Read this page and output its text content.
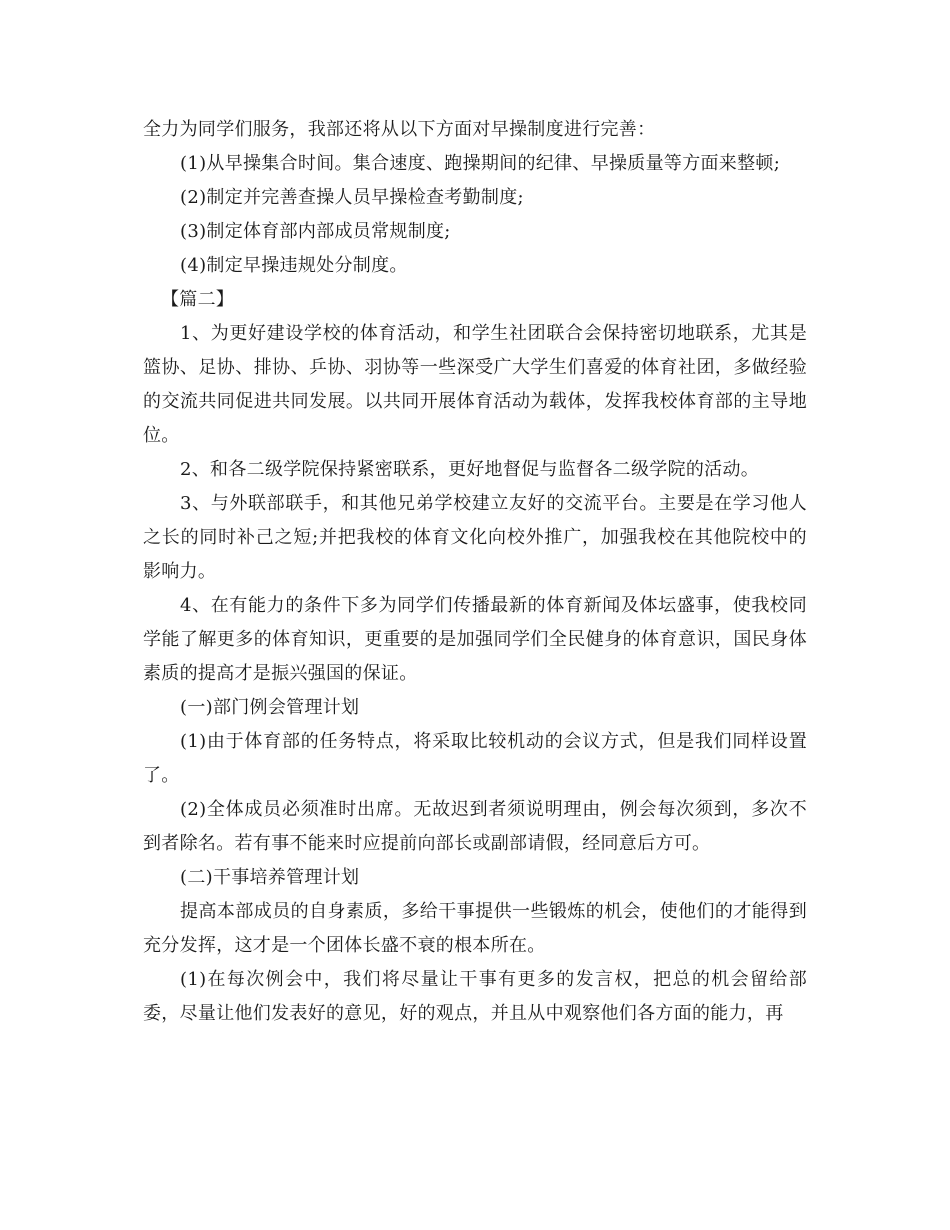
全力为同学们服务，我部还将从以下方面对早操制度进行完善：

(1)从早操集合时间。集合速度、跑操期间的纪律、早操质量等方面来整顿;

(2)制定并完善查操人员早操检查考勤制度;

(3)制定体育部内部成员常规制度;

(4)制定早操违规处分制度。

【篇二】

1、为更好建设学校的体育活动，和学生社团联合会保持密切地联系，尤其是篮协、足协、排协、乒协、羽协等一些深受广大学生们喜爱的体育社团，多做经验的交流共同促进共同发展。以共同开展体育活动为载体，发挥我校体育部的主导地位。

2、和各二级学院保持紧密联系，更好地督促与监督各二级学院的活动。

3、与外联部联手，和其他兄弟学校建立友好的交流平台。主要是在学习他人之长的同时补己之短;并把我校的体育文化向校外推广，加强我校在其他院校中的影响力。

4、在有能力的条件下多为同学们传播最新的体育新闻及体坛盛事，使我校同学能了解更多的体育知识，更重要的是加强同学们全民健身的体育意识，国民身体素质的提高才是振兴强国的保证。

(一)部门例会管理计划

(1)由于体育部的任务特点，将采取比较机动的会议方式，但是我们同样设置了。

(2)全体成员必须准时出席。无故迟到者须说明理由，例会每次须到，多次不到者除名。若有事不能来时应提前向部长或副部请假，经同意后方可。

(二)干事培养管理计划

提高本部成员的自身素质，多给干事提供一些锻炼的机会，使他们的才能得到充分发挥，这才是一个团体长盛不衰的根本所在。

(1)在每次例会中，我们将尽量让干事有更多的发言权，把总的机会留给部委，尽量让他们发表好的意见，好的观点，并且从中观察他们各方面的能力，再
